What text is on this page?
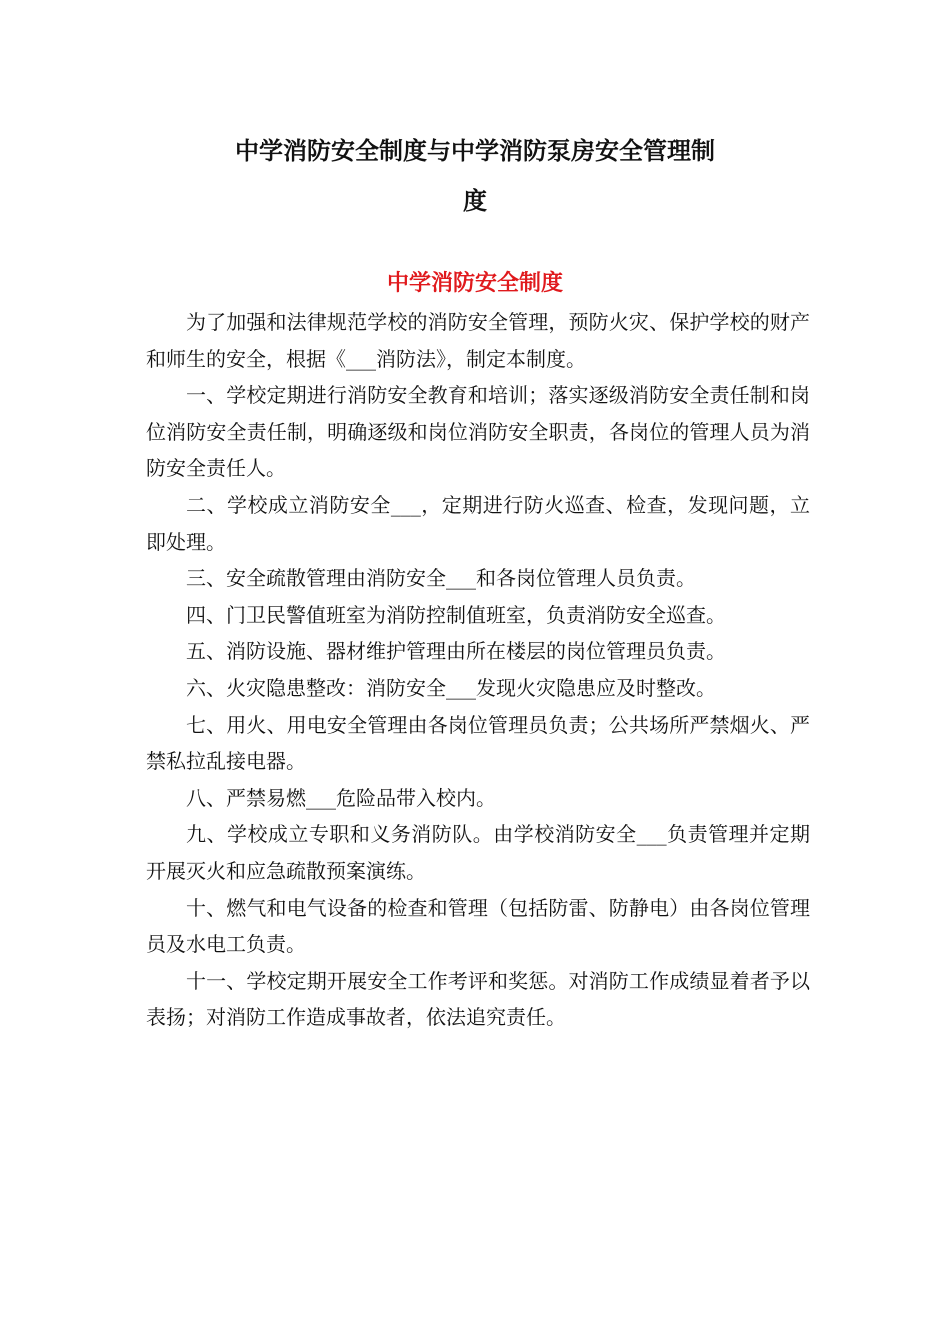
中学消防安全制度与中学消防泵房安全管理制
度
中学消防安全制度

为了加强和法律规范学校的消防安全管理，预防火灾、保护学校的财产和师生的安全，根据《___消防法》，制定本制度。

一、学校定期进行消防安全教育和培训；落实逐级消防安全责任制和岗位消防安全责任制，明确逐级和岗位消防安全职责，各岗位的管理人员为消防安全责任人。

二、学校成立消防安全___，定期进行防火巡查、检查，发现问题，立即处理。

三、安全疏散管理由消防安全___和各岗位管理人员负责。

四、门卫民警值班室为消防控制值班室，负责消防安全巡查。

五、消防设施、器材维护管理由所在楼层的岗位管理员负责。

六、火灾隐患整改：消防安全___发现火灾隐患应及时整改。

七、用火、用电安全管理由各岗位管理员负责；公共场所严禁烟火、严禁私拉乱接电器。

八、严禁易燃___危险品带入校内。

九、学校成立专职和义务消防队。由学校消防安全___负责管理并定期开展灭火和应急疏散预案演练。

十、燃气和电气设备的检查和管理（包括防雷、防静电）由各岗位管理员及水电工负责。

十一、学校定期开展安全工作考评和奖惩。对消防工作成绩显着者予以表扬；对消防工作造成事故者，依法追究责任。
